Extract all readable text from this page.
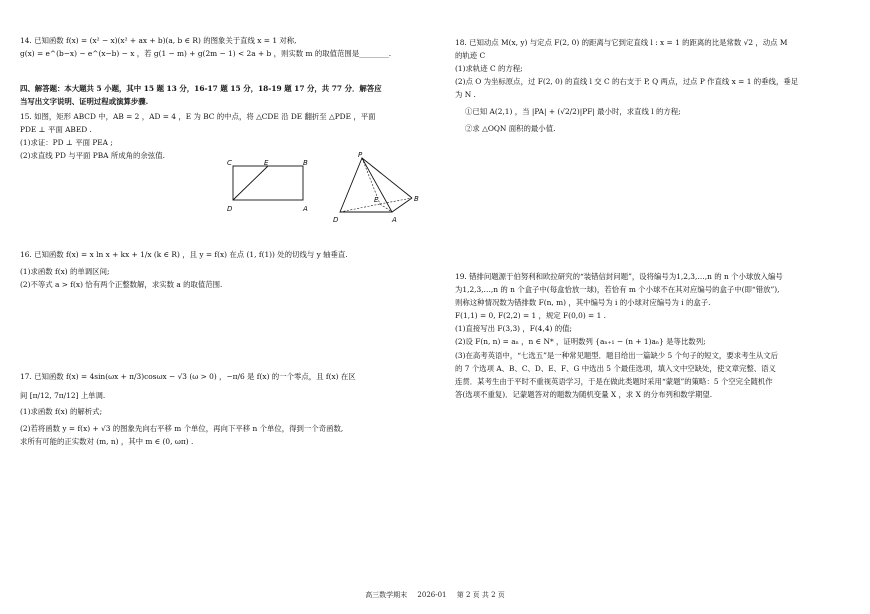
14. 已知函数 f(x) = (x² − x)(x² + ax + b)(a, b ∈ R) 的图象关于直线 x = 1 对称,

g(x) = e^(b−x) − e^(x−b) − x ，若 g(1 − m) + g(2m − 1) < 2a + b ，则实数 m 的取值范围是________.

四、解答题：本大题共 5 小题，其中 15 题 13 分，16-17 题 15 分，18-19 题 17 分，共 77 分．解答应

当写出文字说明、证明过程或演算步骤.

15. 如图，矩形 ABCD 中，AB = 2 ，AD = 4 ，E 为 BC 的中点，将 △CDE 沿 DE 翻折至 △PDE ，平面

PDE ⊥ 平面 ABED .

(1)求证：PD ⊥ 平面 PEA ;

(2)求直线 PD 与平面 PBA 所成角的余弦值.

C	E	B
D	A
P
E	B
D	A

16. 已知函数 f(x) = x ln x + kx + 1/x (k ∈ R) ，且 y = f(x) 在点 (1, f(1)) 处的切线与 y 轴垂直.

(1)求函数 f(x) 的单调区间;

(2)不等式 a > f(x) 恰有两个正整数解，求实数 a 的取值范围.

17. 已知函数 f(x) = 4sin(ωx + π/3)cosωx − √3 (ω > 0) ，−π/6 是 f(x) 的一个零点，且 f(x) 在区

间 [π/12, 7π/12] 上单调.

(1)求函数 f(x) 的解析式;

(2)若将函数 y = f(x) + √3 的图象先向右平移 m 个单位，再向下平移 n 个单位，得到一个奇函数,

求所有可能的正实数对 (m, n) ，其中 m ∈ (0, ωπ) .

18. 已知动点 M(x, y) 与定点 F(2, 0) 的距离与它到定直线 l : x = 1 的距离的比是常数 √2 ，动点 M

的轨迹 C

(1)求轨迹 C 的方程;

(2)点 O 为坐标原点，过 F(2, 0) 的直线 l 交 C 的右支于 P, Q 两点，过点 P 作直线 x = 1 的垂线，垂足

为 N .

①已知 A(2,1) ，当 |PA| + (√2/2)|PF| 最小时，求直线 l 的方程;

②求 △OQN 面积的最小值.

19. 错排问题源于伯努利和欧拉研究的“装错信封问题”，设将编号为1,2,3,…,n 的 n 个小球放入编号

为1,2,3,…,n 的 n 个盒子中(每盒恰放一球)，若恰有 m 个小球不在其对应编号的盒子中(即“错放”),

则称这种情况数为错排数 F(n, m) ，其中编号为 i 的小球对应编号为 i 的盒子.

F(1,1) = 0, F(2,2) = 1 ，规定 F(0,0) = 1 .

(1)直接写出 F(3,3) ，F(4,4) 的值;

(2)设 F(n, n) = aₙ ，n ∈ N* ，证明数列 {aₙ₊₁ − (n + 1)aₙ} 是等比数列;

(3)在高考英语中，“七选五”是一种常见题型．题目给出一篇缺少 5 个句子的短文，要求考生从文后

的 7 个选项 A、B、C、D、E、F、G 中选出 5 个最佳选项，填入文中空缺处，使文章完整、语义

连贯．某考生由于平时不重视英语学习，于是在做此类题时采用“蒙题”的策略：5 个空完全随机作

答(选项不重复)．记蒙题答对的题数为随机变量 X ，求 X 的分布列和数学期望.

高三数学期末 2026-01 第 2 页 共 2 页
